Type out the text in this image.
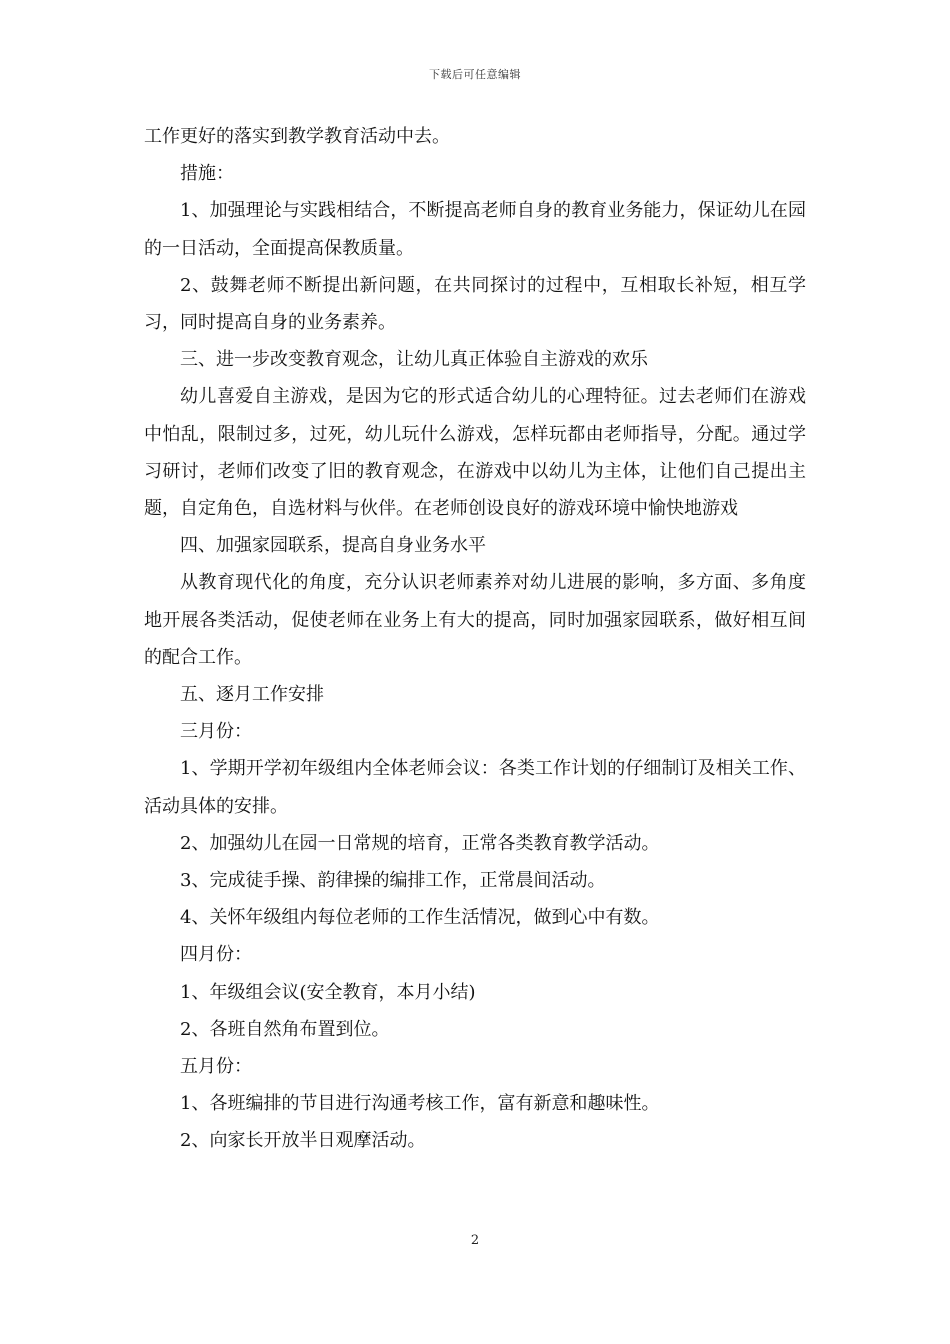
下载后可任意编辑

工作更好的落实到教学教育活动中去。

措施：

1、加强理论与实践相结合，不断提高老师自身的教育业务能力，保证幼儿在园的一日活动，全面提高保教质量。

2、鼓舞老师不断提出新问题，在共同探讨的过程中，互相取长补短，相互学习，同时提高自身的业务素养。

三、进一步改变教育观念，让幼儿真正体验自主游戏的欢乐

幼儿喜爱自主游戏，是因为它的形式适合幼儿的心理特征。过去老师们在游戏中怕乱，限制过多，过死，幼儿玩什么游戏，怎样玩都由老师指导，分配。通过学习研讨，老师们改变了旧的教育观念，在游戏中以幼儿为主体，让他们自己提出主题，自定角色，自选材料与伙伴。在老师创设良好的游戏环境中愉快地游戏

四、加强家园联系，提高自身业务水平

从教育现代化的角度，充分认识老师素养对幼儿进展的影响，多方面、多角度地开展各类活动，促使老师在业务上有大的提高，同时加强家园联系，做好相互间的配合工作。

五、逐月工作安排

三月份：

1、学期开学初年级组内全体老师会议：各类工作计划的仔细制订及相关工作、活动具体的安排。

2、加强幼儿在园一日常规的培育，正常各类教育教学活动。

3、完成徒手操、韵律操的编排工作，正常晨间活动。

4、关怀年级组内每位老师的工作生活情况，做到心中有数。

四月份：

1、年级组会议(安全教育，本月小结)

2、各班自然角布置到位。

五月份：

1、各班编排的节目进行沟通考核工作，富有新意和趣味性。

2、向家长开放半日观摩活动。

2
